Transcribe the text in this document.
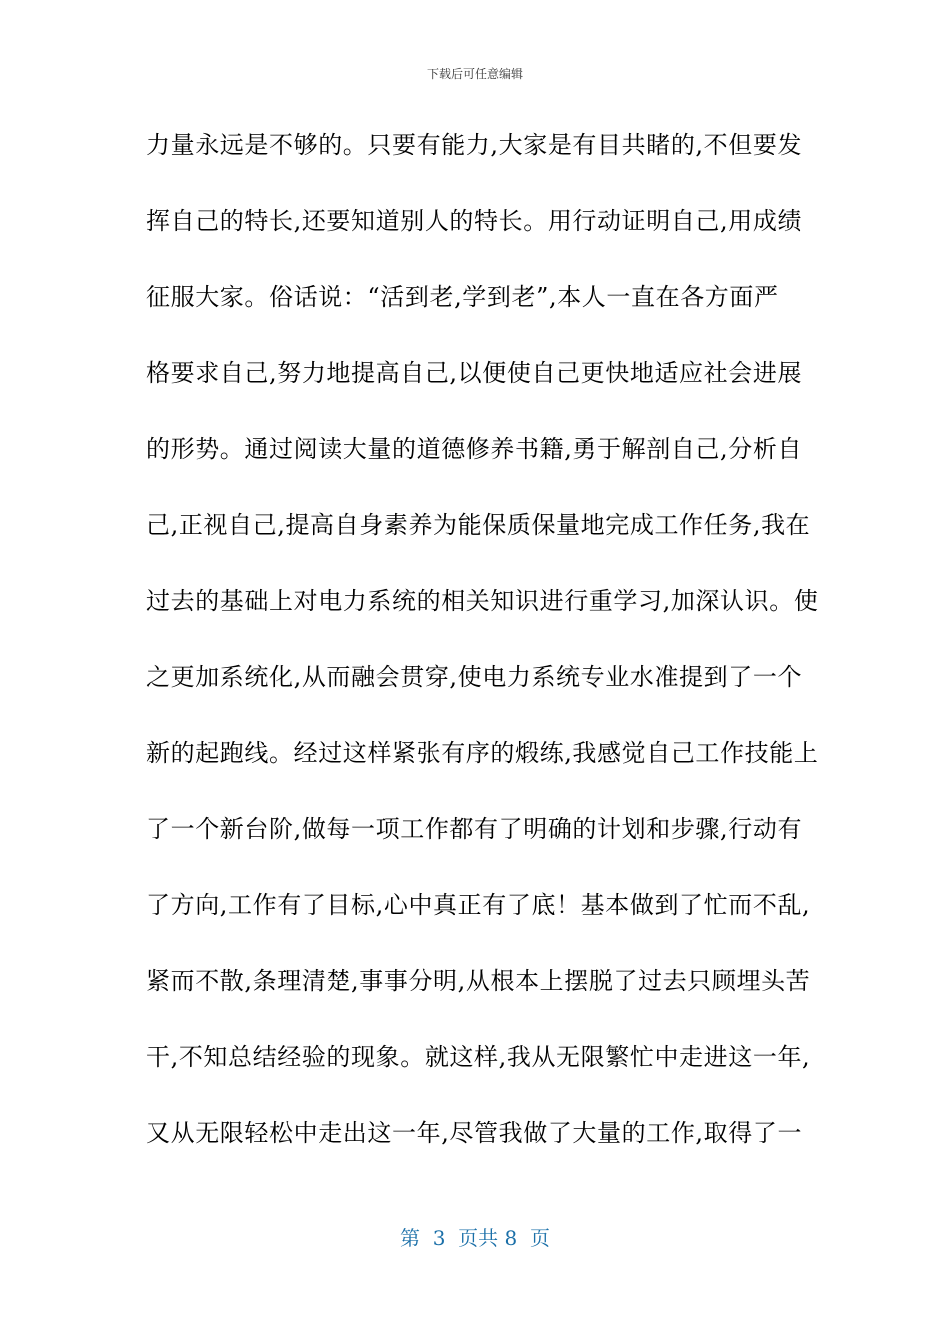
下载后可任意编辑
力量永远是不够的。只要有能力,大家是有目共睹的,不但要发
挥自己的特长,还要知道别人的特长。用行动证明自己,用成绩
征服大家。俗话说：“活到老,学到老”,本人一直在各方面严
格要求自己,努力地提高自己,以便使自己更快地适应社会进展
的形势。通过阅读大量的道德修养书籍,勇于解剖自己,分析自
己,正视自己,提高自身素养为能保质保量地完成工作任务,我在
过去的基础上对电力系统的相关知识进行重学习,加深认识。使
之更加系统化,从而融会贯穿,使电力系统专业水准提到了一个
新的起跑线。经过这样紧张有序的煅练,我感觉自己工作技能上
了一个新台阶,做每一项工作都有了明确的计划和步骤,行动有
了方向,工作有了目标,心中真正有了底！基本做到了忙而不乱,
紧而不散,条理清楚,事事分明,从根本上摆脱了过去只顾埋头苦
干,不知总结经验的现象。就这样,我从无限繁忙中走进这一年,
又从无限轻松中走出这一年,尽管我做了大量的工作,取得了一
第  3  页共 8  页
